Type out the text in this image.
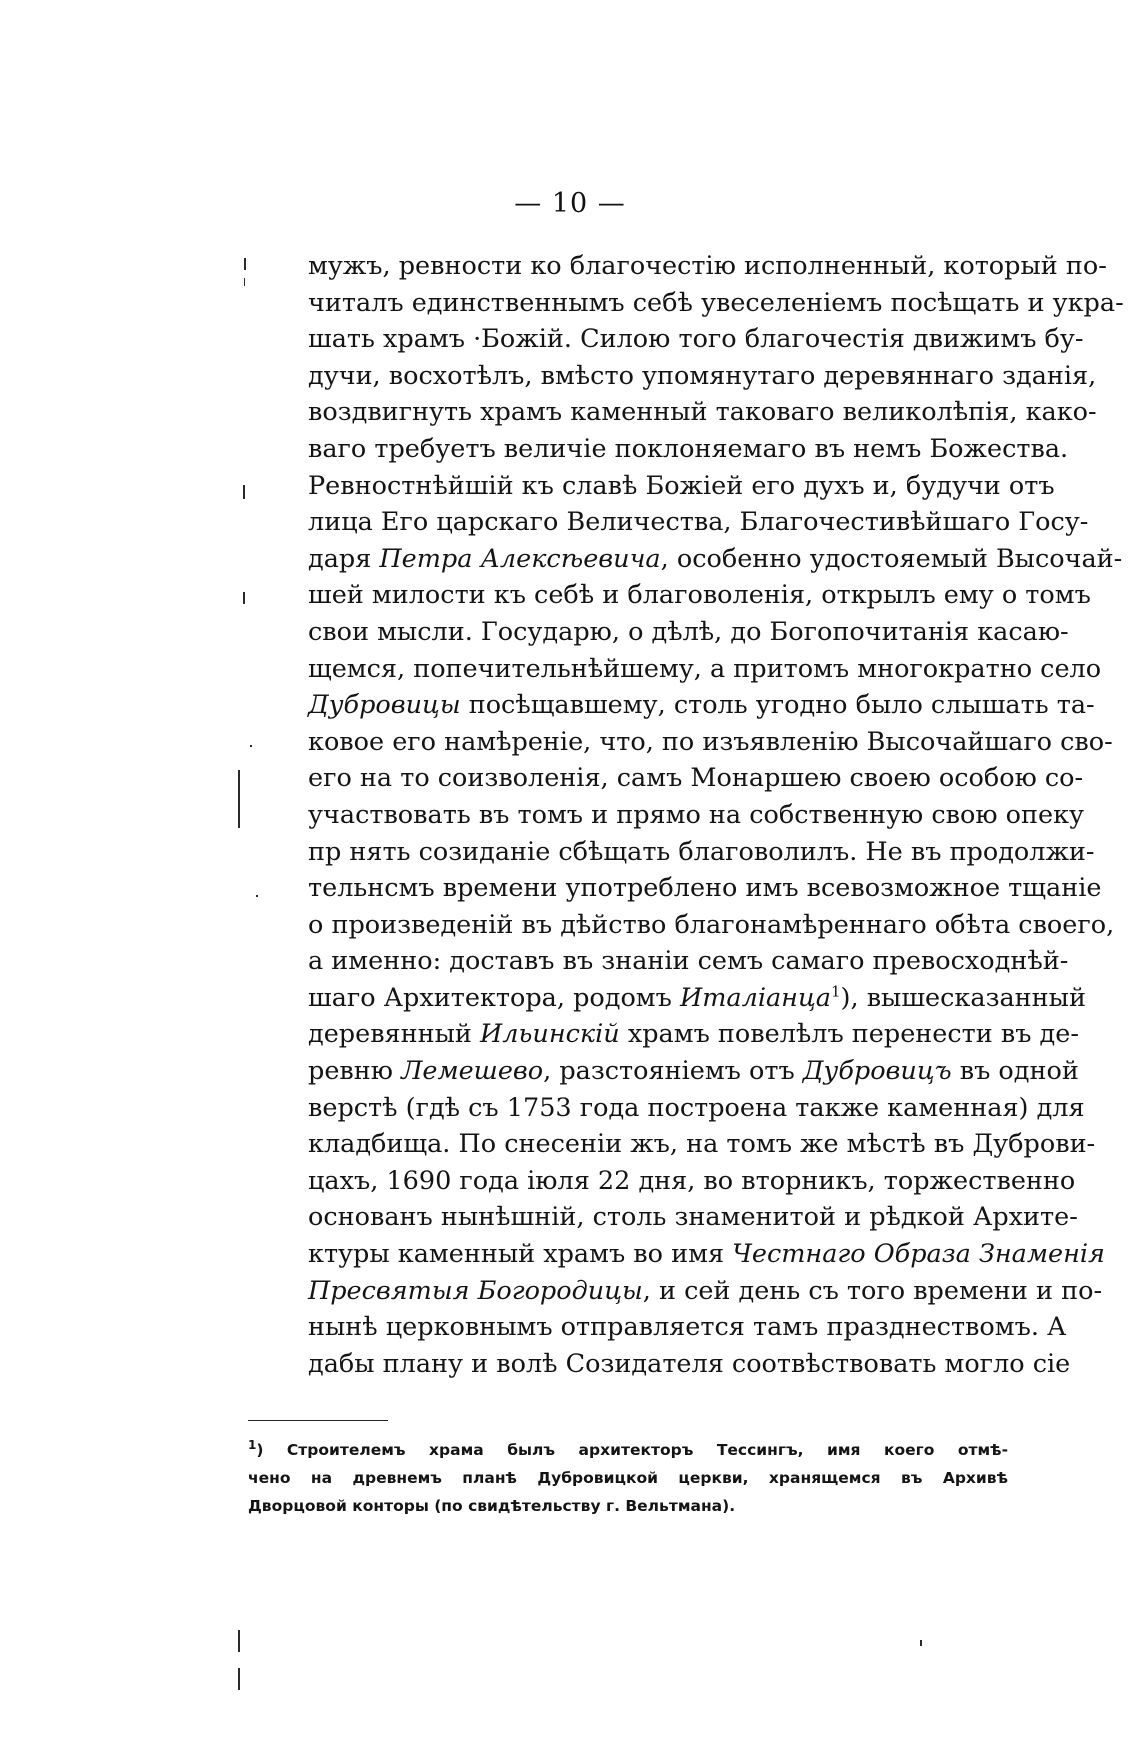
— 10 —
мужъ, ревности ко благочестію исполненный, который по-
читалъ единственнымъ себѣ увеселеніемъ посѣщать и укра-
шать храмъ ·Божій. Силою того благочестія движимъ бу-
дучи, восхотѣлъ, вмѣсто упомянутаго деревяннаго зданія,
воздвигнуть храмъ каменный таковаго великолѣпія, како-
ваго требуетъ величіе поклоняемаго въ немъ Божества.
Ревностнѣйшій къ славѣ Божіей его духъ и, будучи отъ
лица Его царскаго Величества, Благочестивѣйшаго Госу-
даря Петра Алексѣевича, особенно удостояемый Высочай-
шей милости къ себѣ и благоволенія, открылъ ему о томъ
свои мысли. Государю, о дѣлѣ, до Богопочитанія касаю-
щемся, попечительнѣйшему, а притомъ многократно село
Дубровицы посѣщавшему, столь угодно было слышать та-
ковое его намѣреніе, что, по изъявленію Высочайшаго сво-
его на то соизволенія, самъ Монаршею своею особою со-
участвовать въ томъ и прямо на собственную свою опеку
пр нять созиданіе сбѣщать благоволилъ. Не въ продолжи-
тельнсмъ времени употреблено имъ всевозможное тщаніе
о произведеній въ дѣйство благонамѣреннаго обѣта своего,
а именно: доставъ въ знаніи семъ самаго превосходнѣй-
шаго Архитектора, родомъ Италіанца$^1$), вышесказанный
деревянный Ильинскій храмъ повелѣлъ перенести въ де-
ревню Лемешево, разстояніемъ отъ Дубровицъ въ одной
верстѣ (гдѣ съ 1753 года построена также каменная) для
кладбища. По снесеніи жъ, на томъ же мѣстѣ въ Дуброви-
цахъ, 1690 года іюля 22 дня, во вторникъ, торжественно
основанъ нынѣшній, столь знаменитой и рѣдкой Архите-
ктуры каменный храмъ во имя Честнаго Образа Знаменія
Пресвятыя Богородицы, и сей день съ того времени и по-
нынѣ церковнымъ отправляется тамъ празднествомъ. А
дабы плану и волѣ Созидателя соотвѣствовать могло сіе
$^1$) Строителемъ храма былъ архитекторъ Тессингъ, имя коего отмѣ-
чено на древнемъ планѣ Дубровицкой церкви, хранящемся въ Архивѣ
Дворцовой конторы (по свидѣтельству г. Вельтмана).
